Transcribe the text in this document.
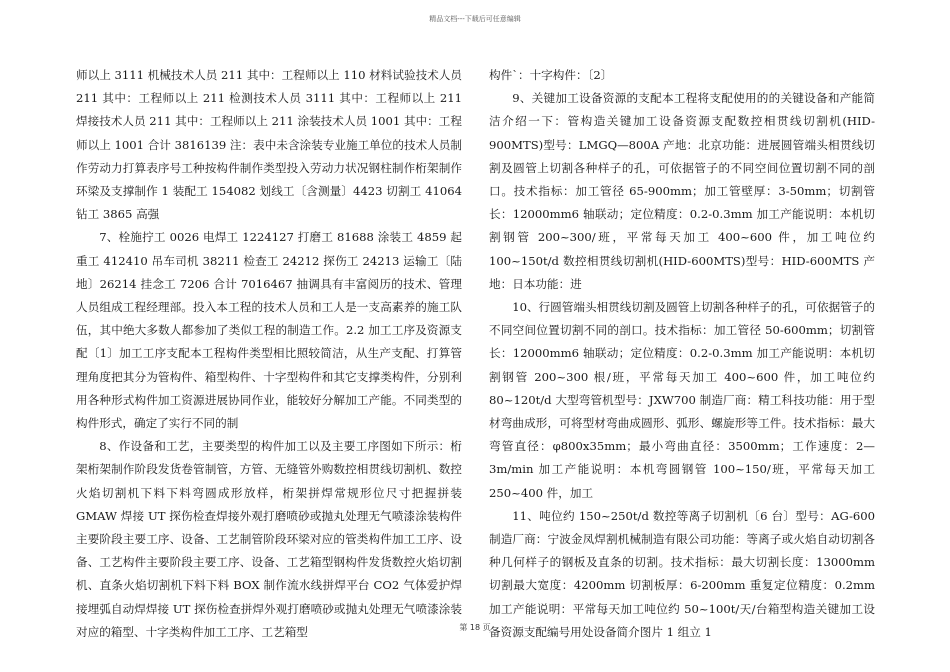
精品文档---下载后可任意编辑

师以上 3111 机械技术人员 211 其中：工程师以上 110 材料试验技术人员 211 其中：工程师以上 211 检测技术人员 3111 其中：工程师以上 211 焊接技术人员 211 其中：工程师以上 211 涂装技术人员 1001 其中：工程师以上 1001 合计 3816139 注：表中未含涂装专业施工单位的技术人员制作劳动力打算表序号工种按构件制作类型投入劳动力状况钢柱制作桁架制作环梁及支撑制作 1 装配工 154082 划线工〔含测量〕4423 切割工 41064 钻工 3865 高强

7、栓施拧工 0026 电焊工 1224127 打磨工 81688 涂装工 4859 起重工 412410 吊车司机 38211 检查工 24212 探伤工 24213 运输工〔陆地〕26214 挂念工 7206 合计 7016467 抽调具有丰富阅历的技术、管理人员组成工程经理部。投入本工程的技术人员和工人是一支高素养的施工队伍，其中绝大多数人都参加了类似工程的制造工作。2.2 加工工序及资源支配〔1〕加工工序支配本工程构件类型相比照较简洁，从生产支配、打算管理角度把其分为管构件、箱型构件、十字型构件和其它支撑类构件，分别利用各种形式构件加工资源进展协同作业，能较好分解加工产能。不同类型的构件形式，确定了实行不同的制

8、作设备和工艺，主要类型的构件加工以及主要工序图如下所示：桁架桁架制作阶段发货卷管制管，方管、无缝管外购数控相贯线切割机、数控火焰切割机下料下料弯圆成形放样，桁架拼焊常规形位尺寸把握拼装 GMAW 焊接 UT 探伤检查焊接外观打磨喷砂或抛丸处理无气喷漆涂装构件主要阶段主要工序、设备、工艺制管阶段环梁对应的管类构件加工工序、设备、工艺构件主要阶段主要工序、设备、工艺箱型钢构件发货数控火焰切割机、直条火焰切割机下料下料 BOX 制作流水线拼焊平台 CO2 气体爱护焊接埋弧自动焊焊接 UT 探伤检查拼焊外观打磨喷砂或抛丸处理无气喷漆涂装对应的箱型、十字类构件加工工序、工艺箱型

构件`：十字构件：〔2〕

9、关键加工设备资源的支配本工程将支配使用的的关键设备和产能简洁介绍一下：管构造关键加工设备资源支配数控相贯线切割机(HID-900MTS)型号：LMGQ—800A 产地：北京功能：进展圆管端头相贯线切割及圆管上切割各种样子的孔，可依据管子的不同空间位置切割不同的剖口。技术指标：加工管径 65-900mm；加工管壁厚：3-50mm；切割管长：12000mm6 轴联动；定位精度：0.2-0.3mm 加工产能说明：本机切割钢管 200~300/班，平常每天加工 400~600 件，加工吨位约 100~150t/d 数控相贯线切割机(HID-600MTS)型号：HID-600MTS 产地：日本功能：进

10、行圆管端头相贯线切割及圆管上切割各种样子的孔，可依据管子的不同空间位置切割不同的剖口。技术指标：加工管径 50-600mm；切割管长：12000mm6 轴联动；定位精度：0.2-0.3mm 加工产能说明：本机切割钢管 200~300 根/班，平常每天加工 400~600 件，加工吨位约 80~120t/d 大型弯管机型号：JXW700 制造厂商：精工科技功能：用于型材弯曲成形，可将型材弯曲成圆形、弧形、螺旋形等工件。技术指标：最大弯管直径：φ800x35mm；最小弯曲直径：3500mm；工作速度：2—3m/min 加工产能说明：本机弯圆钢管 100~150/班，平常每天加工 250~400 件，加工

11、吨位约 150~250t/d 数控等离子切割机〔6 台〕型号：AG-600 制造厂商：宁波金凤焊割机械制造有限公司功能：等离子或火焰自动切割各种几何样子的钢板及直条的切割。技术指标：最大切割长度：13000mm 切割最大宽度：4200mm 切割板厚：6-200mm 重复定位精度：0.2mm 加工产能说明：平常每天加工吨位约 50~100t/天/台箱型构造关键加工设备资源支配编号用处设备简介图片 1 组立 1

第 18 页
